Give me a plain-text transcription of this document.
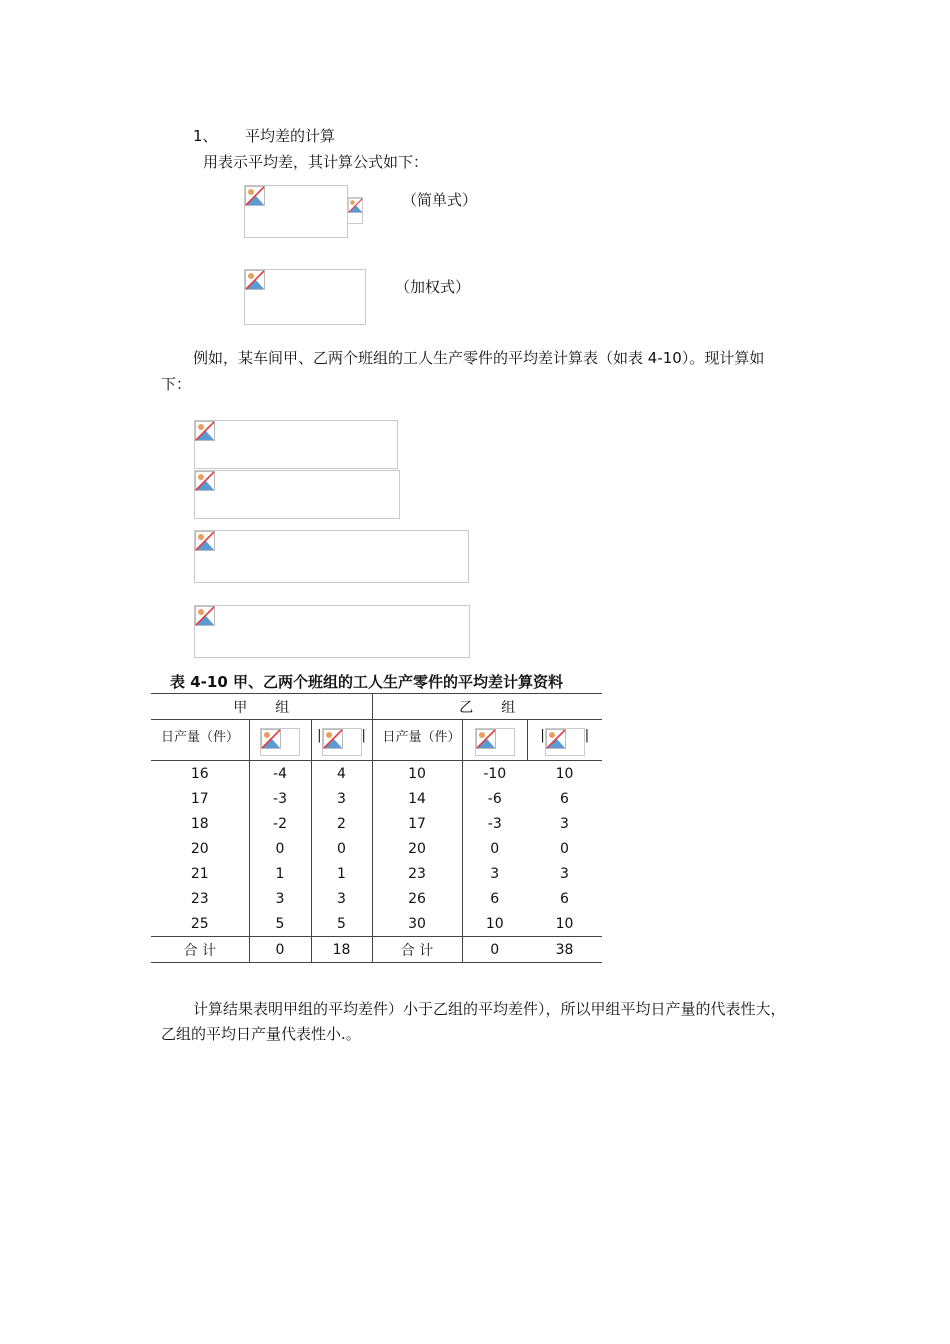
1、 平均差的计算
用表示平均差，其计算公式如下：
（简单式）
（加权式）
例如，某车间甲、乙两个班组的工人生产零件的平均差计算表（如表 4-10）。现计算如
下：
表 4-10 甲、乙两个班组的工人生产零件的平均差计算资料
甲　　组			乙　　组		
日产量（件）		| |	日产量（件）		| |
16	-4	4	10	-10	10
17	-3	3	14	-6	6
18	-2	2	17	-3	3
20	0	0	20	0	0
21	1	1	23	3	3
23	3	3	26	6	6
25	5	5	30	10	10
合 计	0	18	合 计	0	38
计算结果表明甲组的平均差件）小于乙组的平均差件），所以甲组平均日产量的代表性大，
乙组的平均日产量代表性小.。
